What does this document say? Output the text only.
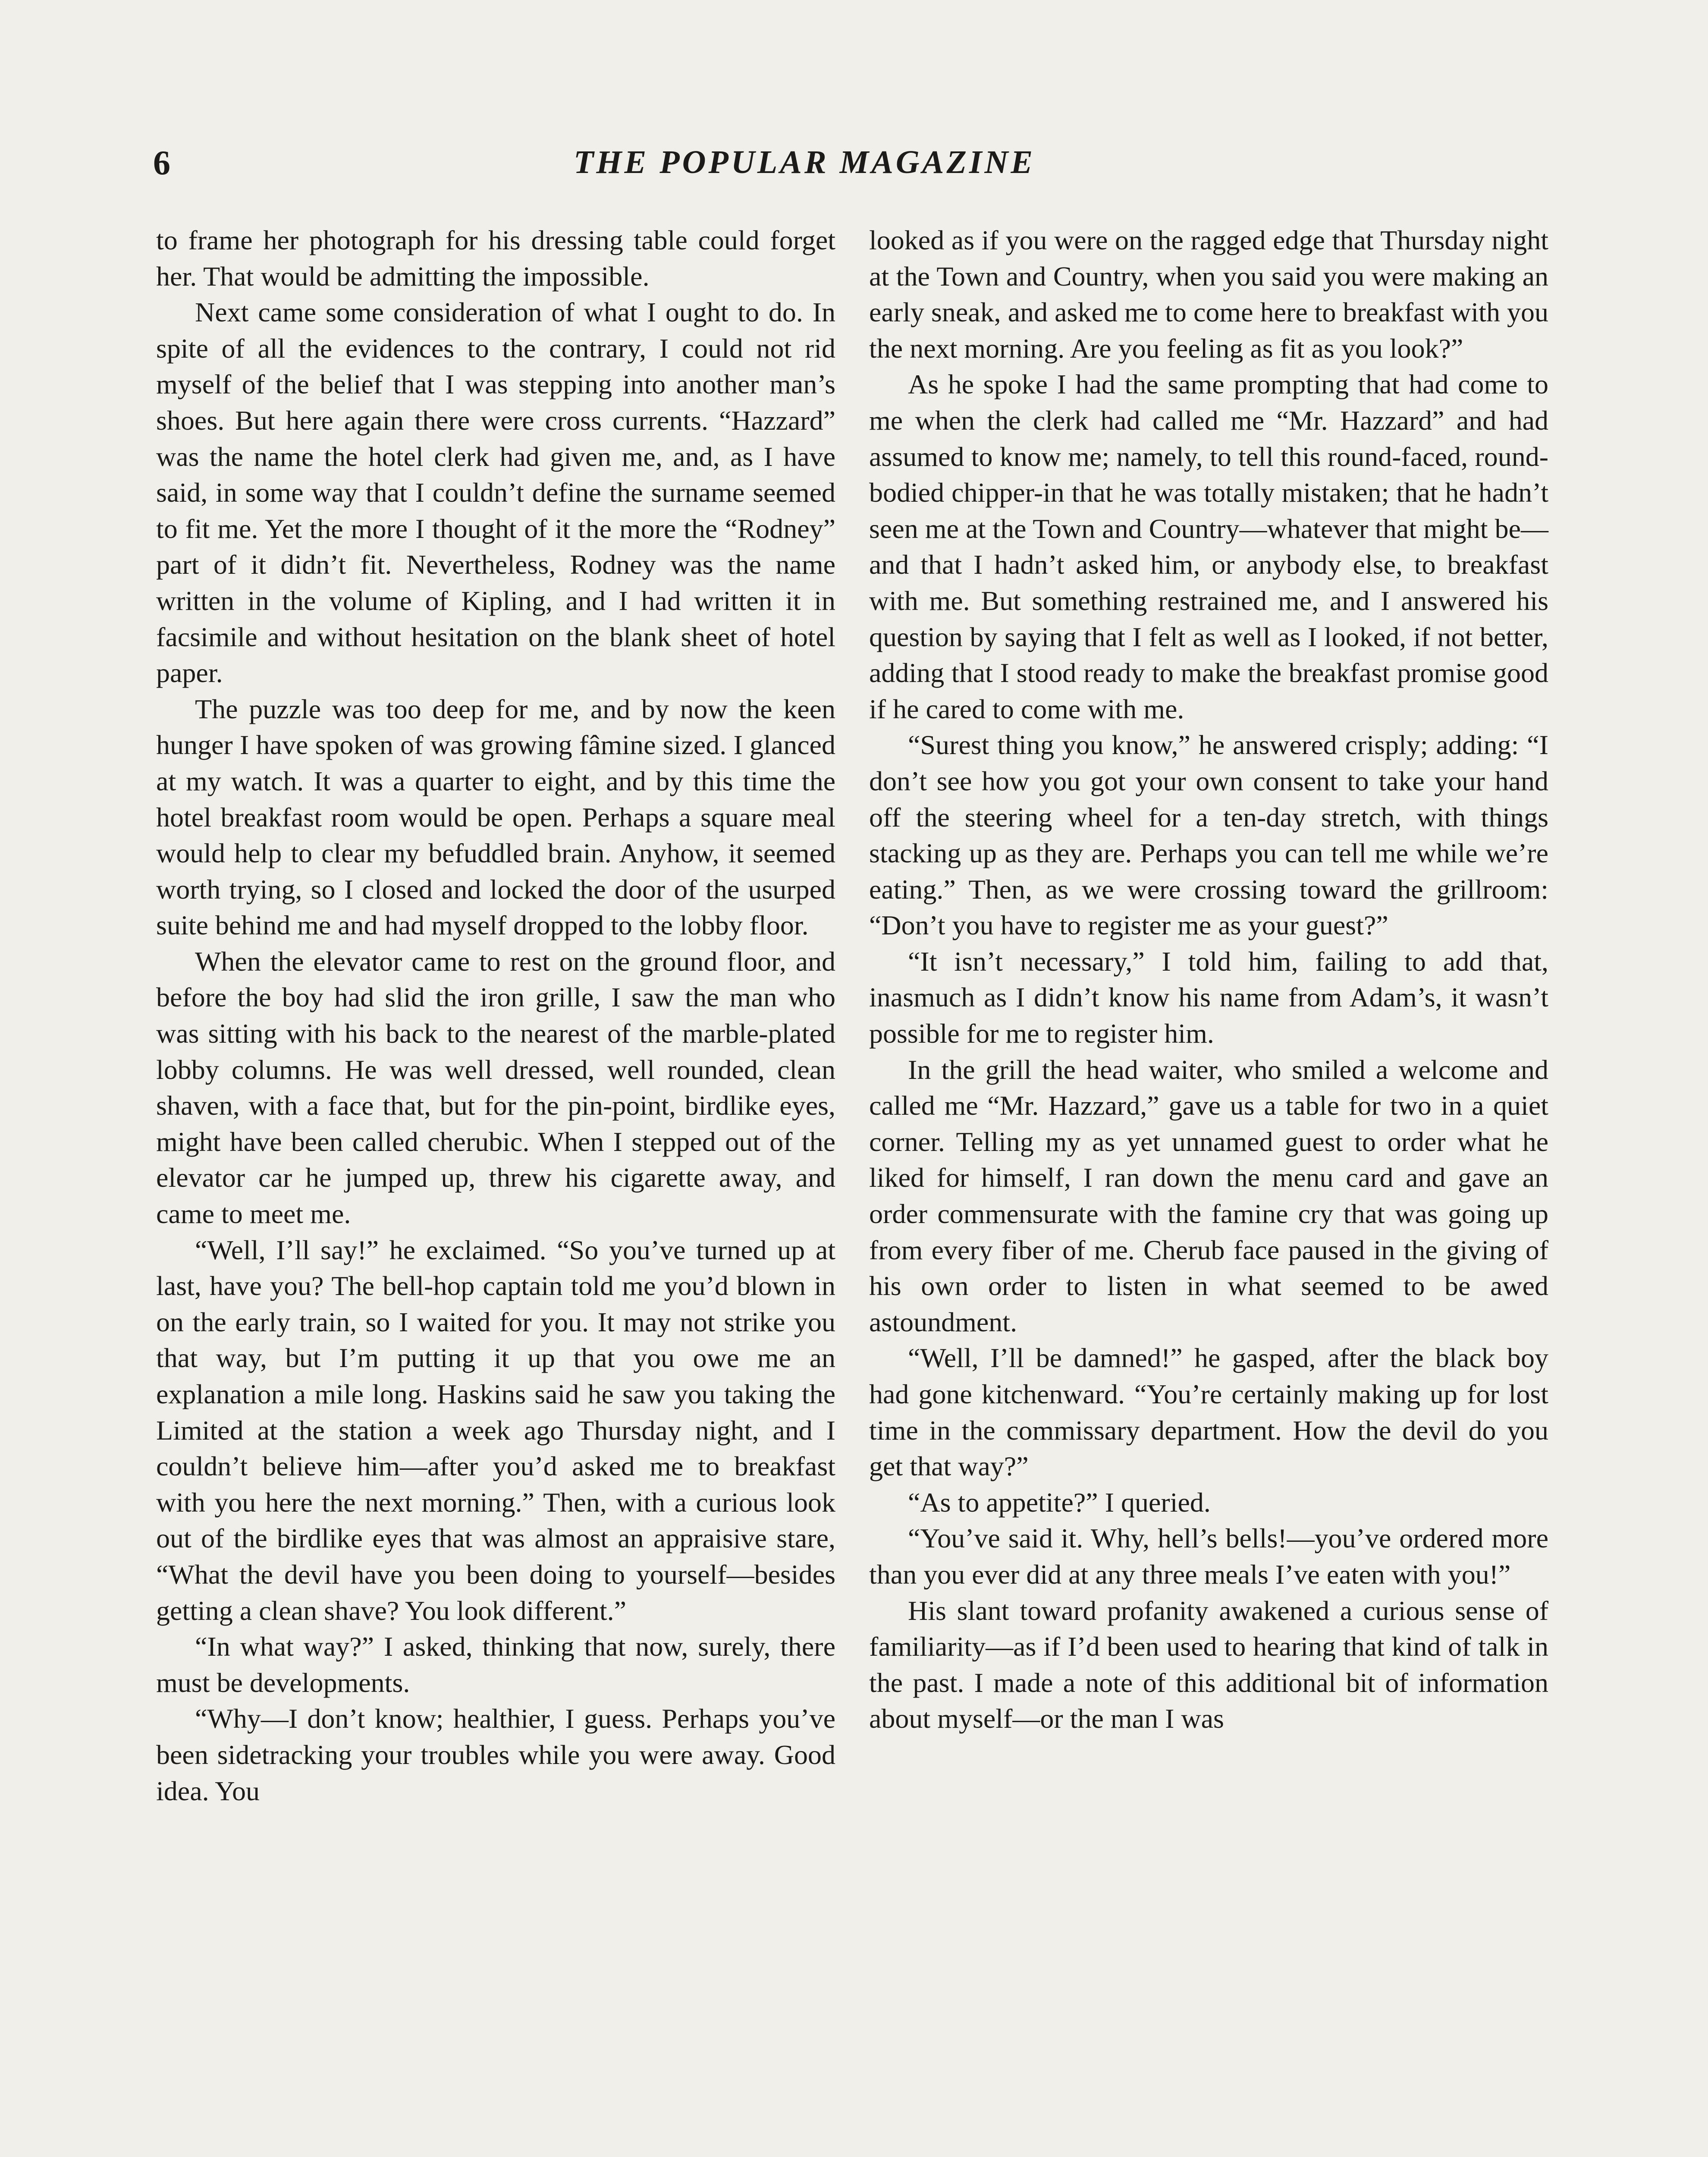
6	THE POPULAR MAGAZINE

to frame her photograph for his dressing table could forget her. That would be admitting the impossible.

Next came some consideration of what I ought to do. In spite of all the evidences to the contrary, I could not rid myself of the belief that I was stepping into another man’s shoes. But here again there were cross currents. “Hazzard” was the name the hotel clerk had given me, and, as I have said, in some way that I couldn’t define the surname seemed to fit me. Yet the more I thought of it the more the “Rodney” part of it didn’t fit. Nevertheless, Rodney was the name written in the volume of Kipling, and I had written it in facsimile and without hesitation on the blank sheet of hotel paper.

The puzzle was too deep for me, and by now the keen hunger I have spoken of was growing fâmine sized. I glanced at my watch. It was a quarter to eight, and by this time the hotel breakfast room would be open. Perhaps a square meal would help to clear my befuddled brain. Anyhow, it seemed worth trying, so I closed and locked the door of the usurped suite behind me and had myself dropped to the lobby floor.

When the elevator came to rest on the ground floor, and before the boy had slid the iron grille, I saw the man who was sitting with his back to the nearest of the marble-plated lobby columns. He was well dressed, well rounded, clean shaven, with a face that, but for the pin-point, birdlike eyes, might have been called cherubic. When I stepped out of the elevator car he jumped up, threw his cigarette away, and came to meet me.

“Well, I’ll say!” he exclaimed. “So you’ve turned up at last, have you? The bell-hop captain told me you’d blown in on the early train, so I waited for you. It may not strike you that way, but I’m putting it up that you owe me an explanation a mile long. Haskins said he saw you taking the Limited at the station a week ago Thursday night, and I couldn’t believe him—after you’d asked me to breakfast with you here the next morning.” Then, with a curious look out of the birdlike eyes that was almost an appraisive stare, “What the devil have you been doing to yourself—besides getting a clean shave? You look different.”

“In what way?” I asked, thinking that now, surely, there must be developments.

“Why—I don’t know; healthier, I guess. Perhaps you’ve been sidetracking your troubles while you were away. Good idea. You

looked as if you were on the ragged edge that Thursday night at the Town and Country, when you said you were making an early sneak, and asked me to come here to breakfast with you the next morning. Are you feeling as fit as you look?”

As he spoke I had the same prompting that had come to me when the clerk had called me “Mr. Hazzard” and had assumed to know me; namely, to tell this round-faced, round-bodied chipper-in that he was totally mistaken; that he hadn’t seen me at the Town and Country—whatever that might be—and that I hadn’t asked him, or anybody else, to breakfast with me. But something restrained me, and I answered his question by saying that I felt as well as I looked, if not better, adding that I stood ready to make the breakfast promise good if he cared to come with me.

“Surest thing you know,” he answered crisply; adding: “I don’t see how you got your own consent to take your hand off the steering wheel for a ten-day stretch, with things stacking up as they are. Perhaps you can tell me while we’re eating.” Then, as we were crossing toward the grillroom: “Don’t you have to register me as your guest?”

“It isn’t necessary,” I told him, failing to add that, inasmuch as I didn’t know his name from Adam’s, it wasn’t possible for me to register him.

In the grill the head waiter, who smiled a welcome and called me “Mr. Hazzard,” gave us a table for two in a quiet corner. Telling my as yet unnamed guest to order what he liked for himself, I ran down the menu card and gave an order commensurate with the famine cry that was going up from every fiber of me. Cherub face paused in the giving of his own order to listen in what seemed to be awed astoundment.

“Well, I’ll be damned!” he gasped, after the black boy had gone kitchenward. “You’re certainly making up for lost time in the commissary department. How the devil do you get that way?”

“As to appetite?” I queried.

“You’ve said it. Why, hell’s bells!—you’ve ordered more than you ever did at any three meals I’ve eaten with you!”

His slant toward profanity awakened a curious sense of familiarity—as if I’d been used to hearing that kind of talk in the past. I made a note of this additional bit of information about myself—or the man I was
